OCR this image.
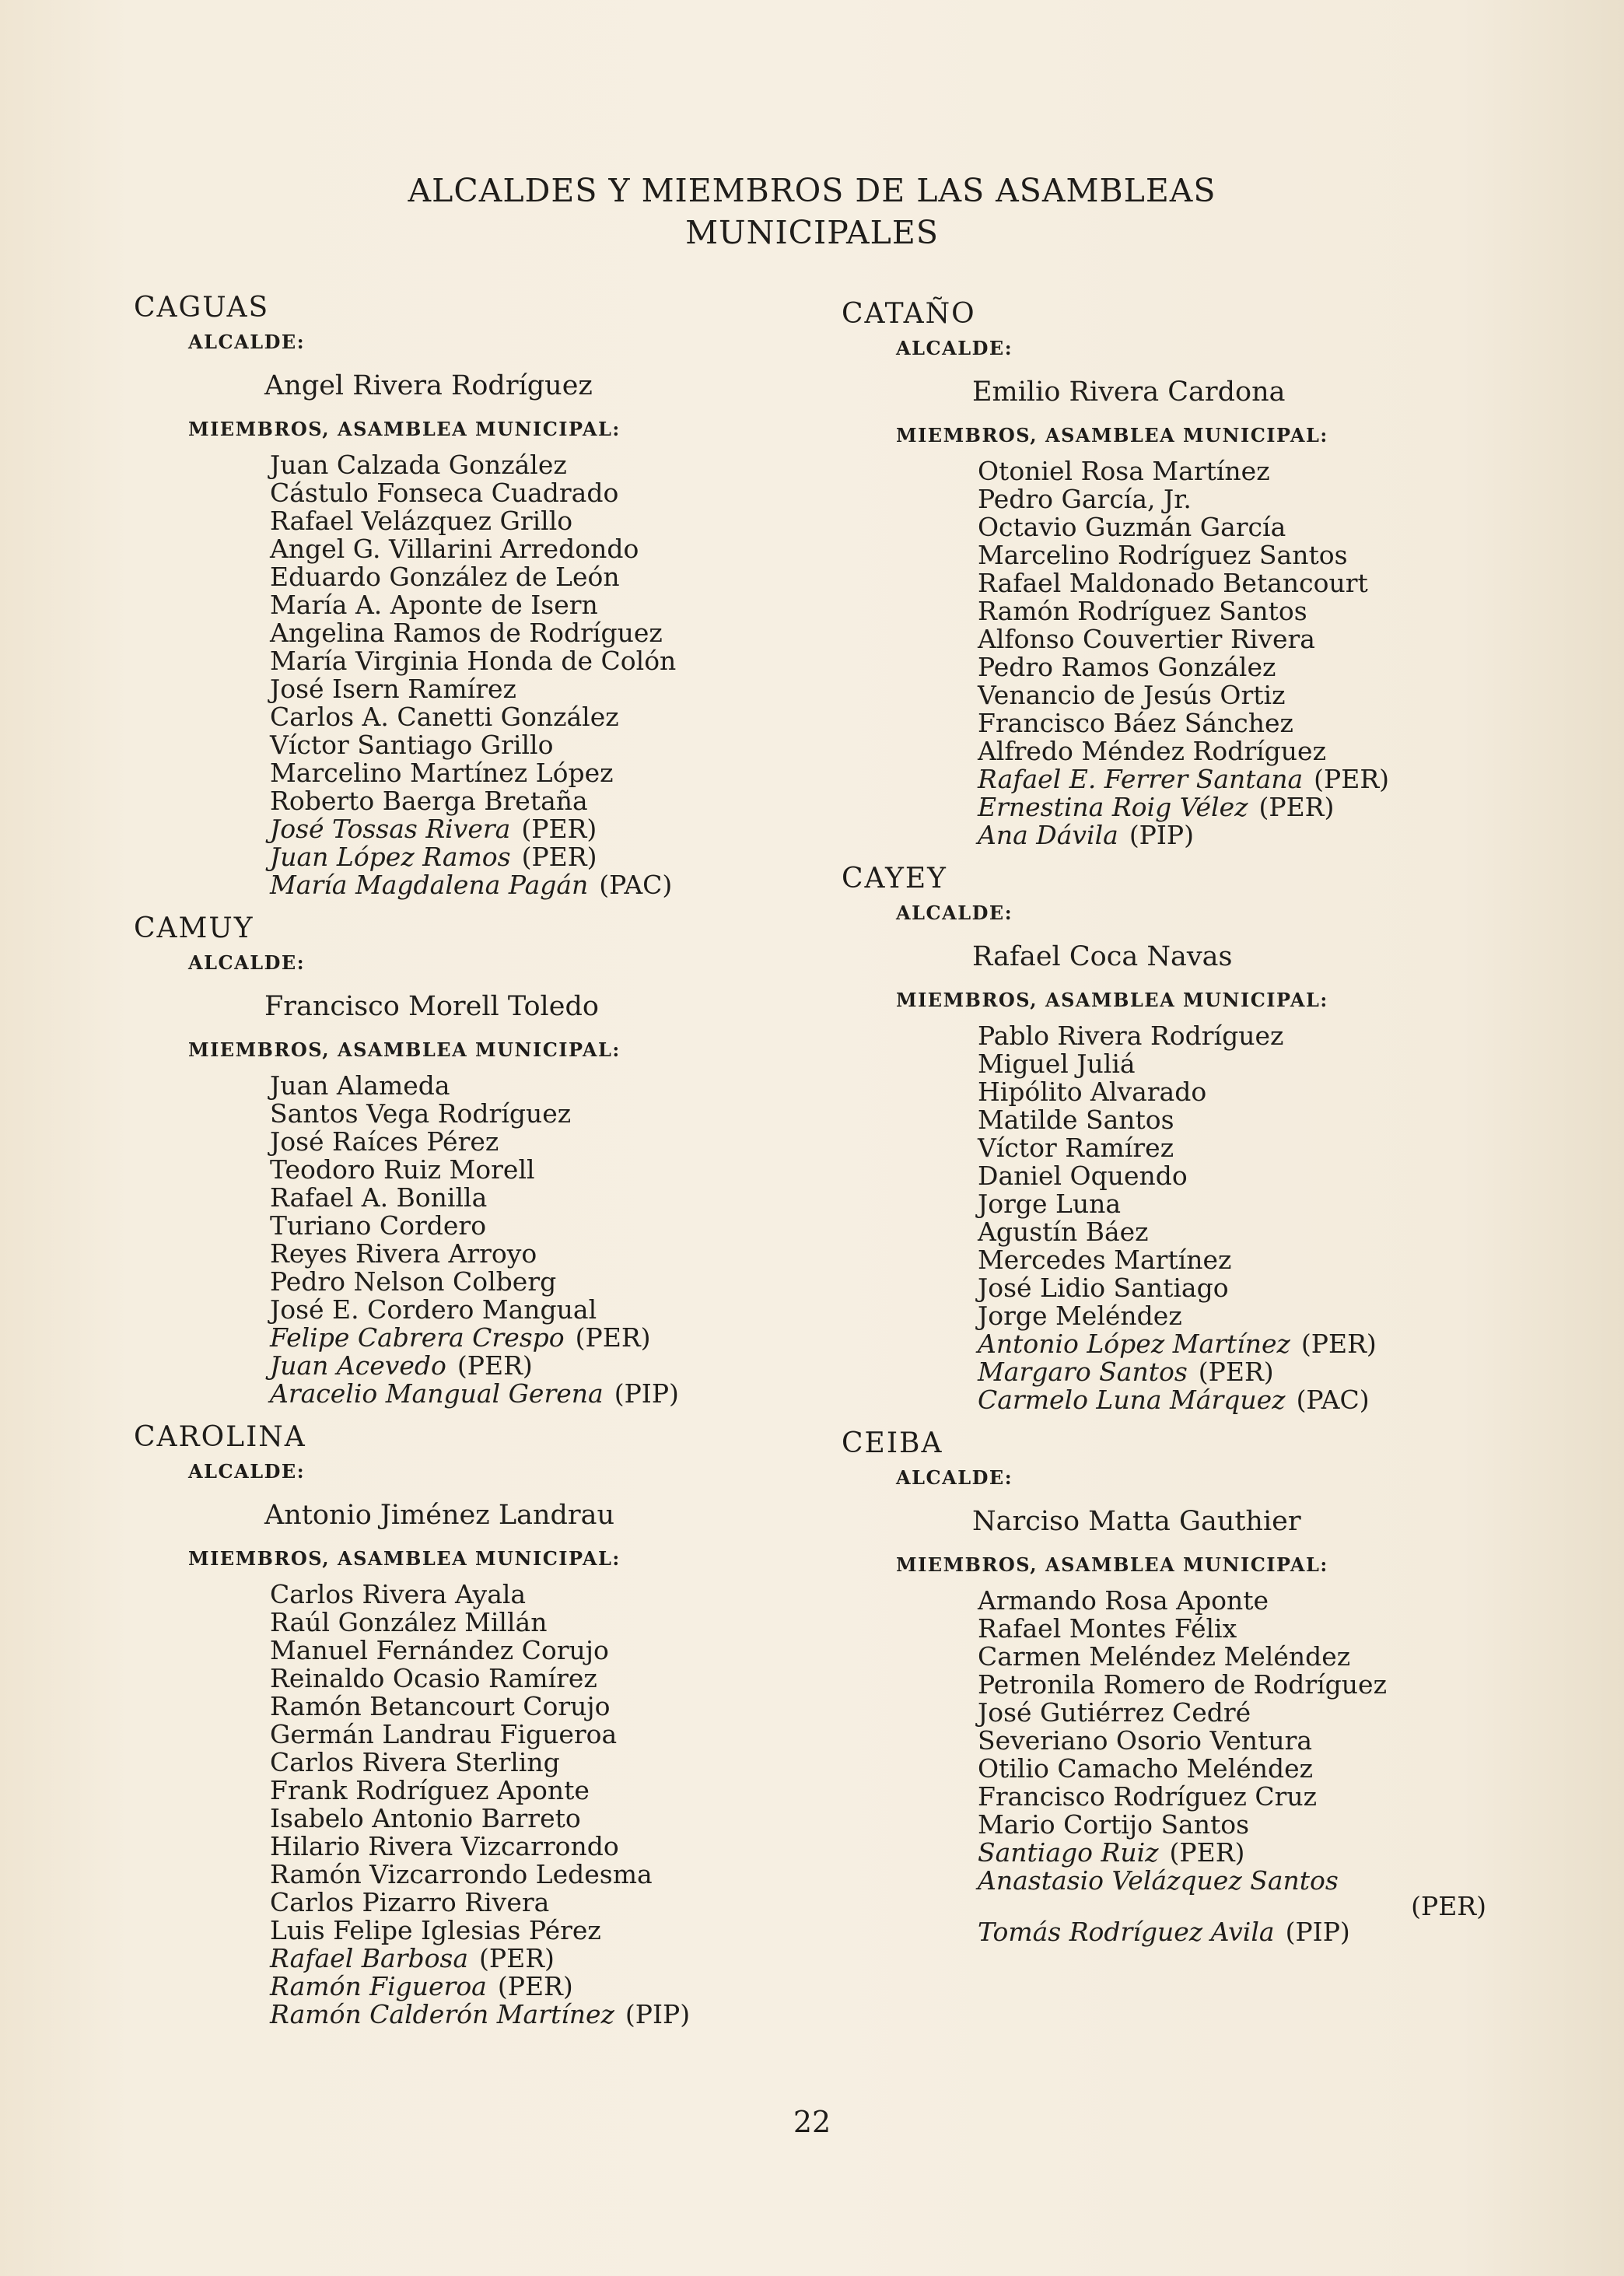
ALCALDES Y MIEMBROS DE LAS ASAMBLEAS
MUNICIPALES
CAGUAS
ALCALDE:
Angel Rivera Rodríguez
MIEMBROS, ASAMBLEA MUNICIPAL:
Juan Calzada González
Cástulo Fonseca Cuadrado
Rafael Velázquez Grillo
Angel G. Villarini Arredondo
Eduardo González de León
María A. Aponte de Isern
Angelina Ramos de Rodríguez
María Virginia Honda de Colón
José Isern Ramírez
Carlos A. Canetti González
Víctor Santiago Grillo
Marcelino Martínez López
Roberto Baerga Bretaña
José Tossas Rivera (PER)
Juan López Ramos (PER)
María Magdalena Pagán (PAC)
CAMUY
ALCALDE:
Francisco Morell Toledo
MIEMBROS, ASAMBLEA MUNICIPAL:
Juan Alameda
Santos Vega Rodríguez
José Raíces Pérez
Teodoro Ruiz Morell
Rafael A. Bonilla
Turiano Cordero
Reyes Rivera Arroyo
Pedro Nelson Colberg
José E. Cordero Mangual
Felipe Cabrera Crespo (PER)
Juan Acevedo (PER)
Aracelio Mangual Gerena (PIP)
CAROLINA
ALCALDE:
Antonio Jiménez Landrau
MIEMBROS, ASAMBLEA MUNICIPAL:
Carlos Rivera Ayala
Raúl González Millán
Manuel Fernández Corujo
Reinaldo Ocasio Ramírez
Ramón Betancourt Corujo
Germán Landrau Figueroa
Carlos Rivera Sterling
Frank Rodríguez Aponte
Isabelo Antonio Barreto
Hilario Rivera Vizcarrondo
Ramón Vizcarrondo Ledesma
Carlos Pizarro Rivera
Luis Felipe Iglesias Pérez
Rafael Barbosa (PER)
Ramón Figueroa (PER)
Ramón Calderón Martínez (PIP)
CATAÑO
ALCALDE:
Emilio Rivera Cardona
MIEMBROS, ASAMBLEA MUNICIPAL:
Otoniel Rosa Martínez
Pedro García, Jr.
Octavio Guzmán García
Marcelino Rodríguez Santos
Rafael Maldonado Betancourt
Ramón Rodríguez Santos
Alfonso Couvertier Rivera
Pedro Ramos González
Venancio de Jesús Ortiz
Francisco Báez Sánchez
Alfredo Méndez Rodríguez
Rafael E. Ferrer Santana (PER)
Ernestina Roig Vélez (PER)
Ana Dávila (PIP)
CAYEY
ALCALDE:
Rafael Coca Navas
MIEMBROS, ASAMBLEA MUNICIPAL:
Pablo Rivera Rodríguez
Miguel Juliá
Hipólito Alvarado
Matilde Santos
Víctor Ramírez
Daniel Oquendo
Jorge Luna
Agustín Báez
Mercedes Martínez
José Lidio Santiago
Jorge Meléndez
Antonio López Martínez (PER)
Margaro Santos (PER)
Carmelo Luna Márquez (PAC)
CEIBA
ALCALDE:
Narciso Matta Gauthier
MIEMBROS, ASAMBLEA MUNICIPAL:
Armando Rosa Aponte
Rafael Montes Félix
Carmen Meléndez Meléndez
Petronila Romero de Rodríguez
José Gutiérrez Cedré
Severiano Osorio Ventura
Otilio Camacho Meléndez
Francisco Rodríguez Cruz
Mario Cortijo Santos
Santiago Ruiz (PER)
Anastasio Velázquez Santos
(PER)
Tomás Rodríguez Avila (PIP)
22
